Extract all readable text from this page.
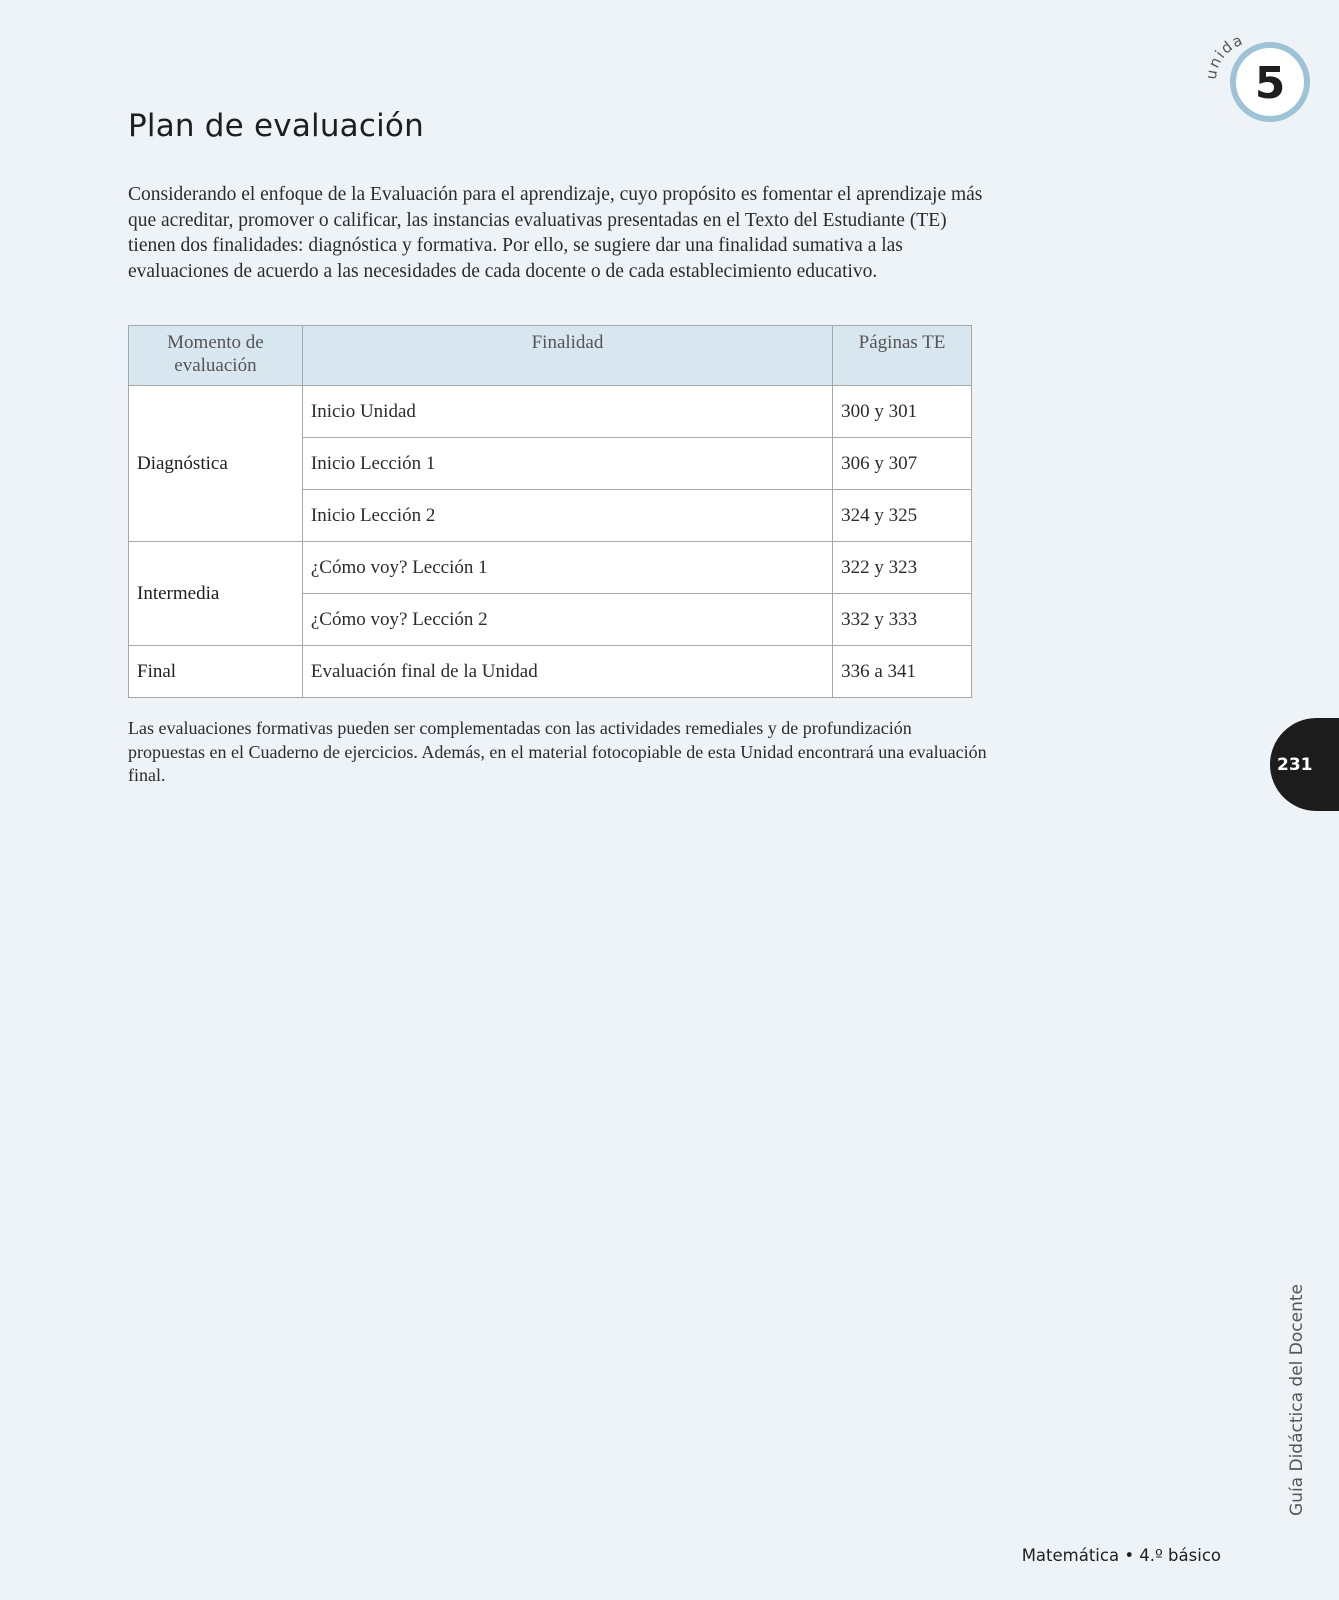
ida
5
Plan de evaluación

Considerando el enfoque de la Evaluación para el aprendizaje, cuyo propósito es fomentar el aprendizaje más que acreditar, promover o calificar, las instancias evaluativas presentadas en el Texto del Estudiante (TE) tienen dos finalidades: diagnóstica y formativa. Por ello, se sugiere dar una finalidad sumativa a las evaluaciones de acuerdo a las necesidades de cada docente o de cada establecimiento educativo.

Momento de evaluación	Finalidad	Páginas TE
Diagnóstica	Inicio Unidad	300 y 301
	Inicio Lección 1	306 y 307
	Inicio Lección 2	324 y 325
Intermedia	¿Cómo voy? Lección 1	322 y 323
	¿Cómo voy? Lección 2	332 y 333
Final	Evaluación final de la Unidad	336 a 341

Las evaluaciones formativas pueden ser complementadas con las actividades remediales y de profundización propuestas en el Cuaderno de ejercicios. Además, en el material fotocopiable de esta Unidad encontrará una evaluación final.

231
Guía Didáctica del Docente
Matemática • 4.º básico
